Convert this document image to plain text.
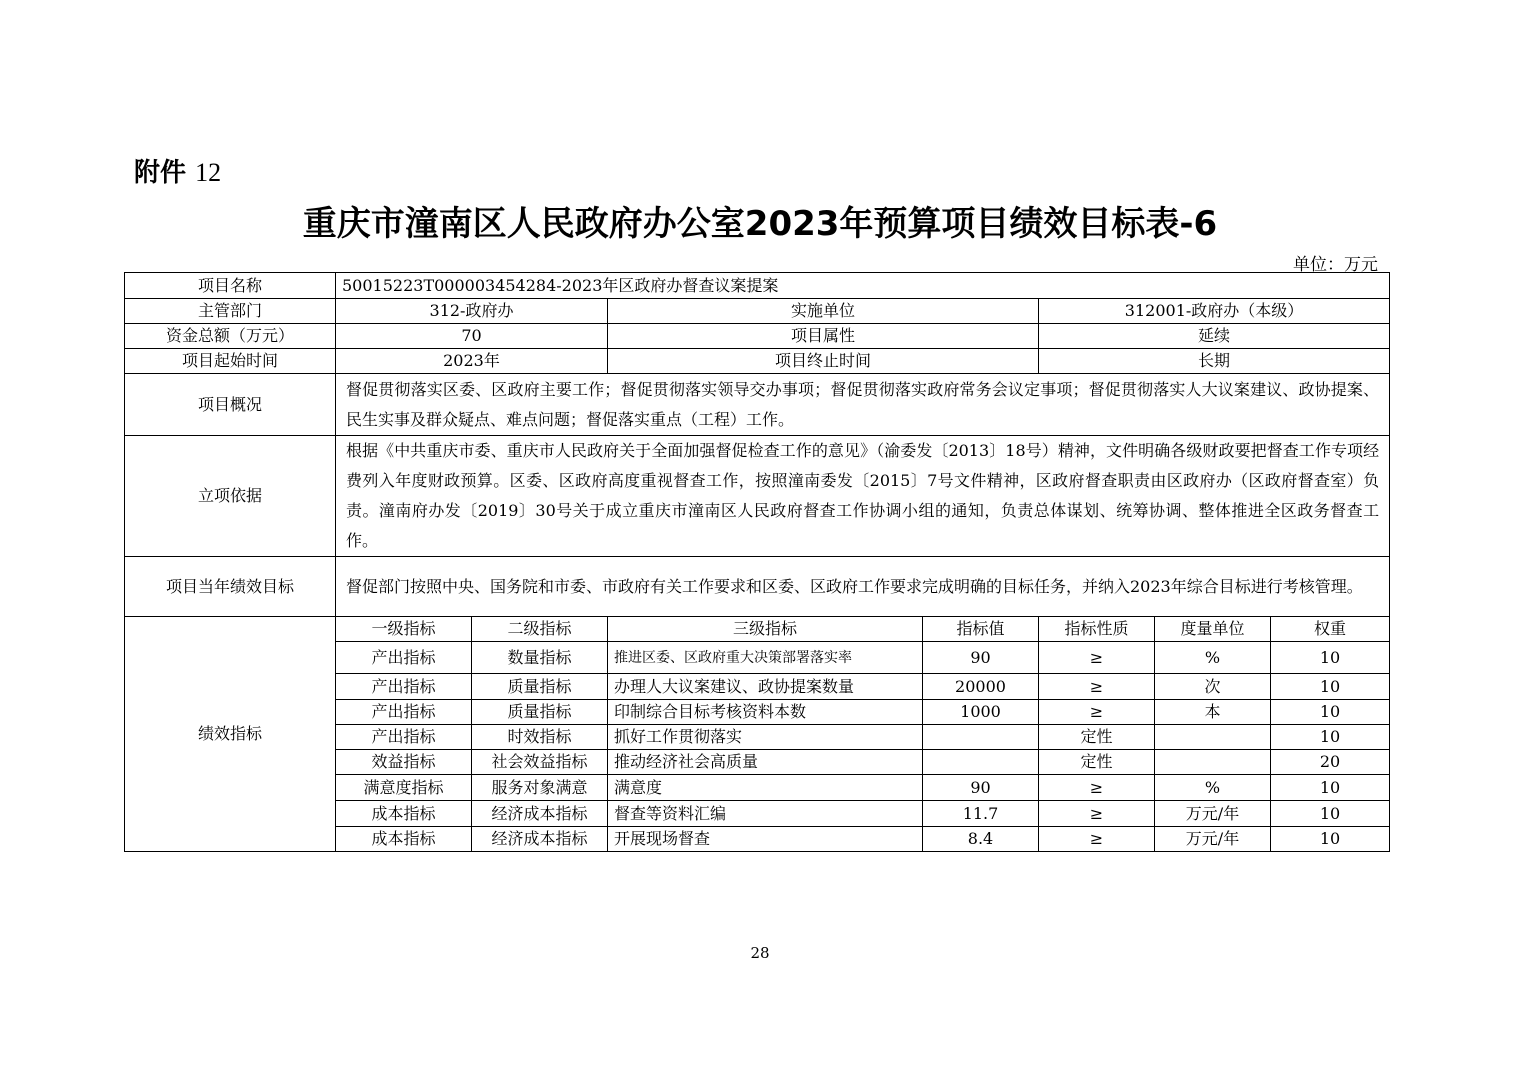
附件 12
重庆市潼南区人民政府办公室2023年预算项目绩效目标表-6
单位：万元
项目名称	50015223T000003454284-2023年区政府办督查议案提案						
主管部门	312-政府办		实施单位		312001-政府办（本级）		
资金总额（万元）	70		项目属性		延续		
项目起始时间	2023年		项目终止时间		长期		
项目概况	督促贯彻落实区委、区政府主要工作；督促贯彻落实领导交办事项；督促贯彻落实政府常务会议定事项；督促贯彻落实人大议案建议、政协提案、民生实事及群众疑点、难点问题；督促落实重点（工程）工作。						
立项依据	根据《中共重庆市委、重庆市人民政府关于全面加强督促检查工作的意见》（渝委发〔2013〕18号）精神，文件明确各级财政要把督查工作专项经费列入年度财政预算。区委、区政府高度重视督查工作，按照潼南委发〔2015〕7号文件精神，区政府督查职责由区政府办（区政府督查室）负责。潼南府办发〔2019〕30号关于成立重庆市潼南区人民政府督查工作协调小组的通知，负责总体谋划、统筹协调、整体推进全区政务督查工作。						
项目当年绩效目标	督促部门按照中央、国务院和市委、市政府有关工作要求和区委、区政府工作要求完成明确的目标任务，并纳入2023年综合目标进行考核管理。						
绩效指标	一级指标	二级指标	三级指标	指标值	指标性质	度量单位	权重
	产出指标	数量指标	推进区委、区政府重大决策部署落实率	90	≥	%	10
	产出指标	质量指标	办理人大议案建议、政协提案数量	20000	≥	次	10
	产出指标	质量指标	印制综合目标考核资料本数	1000	≥	本	10
	产出指标	时效指标	抓好工作贯彻落实		定性		10
	效益指标	社会效益指标	推动经济社会高质量		定性		20
	满意度指标	服务对象满意	满意度	90	≥	%	10
	成本指标	经济成本指标	督查等资料汇编	11.7	≥	万元/年	10
	成本指标	经济成本指标	开展现场督查	8.4	≥	万元/年	10
28
